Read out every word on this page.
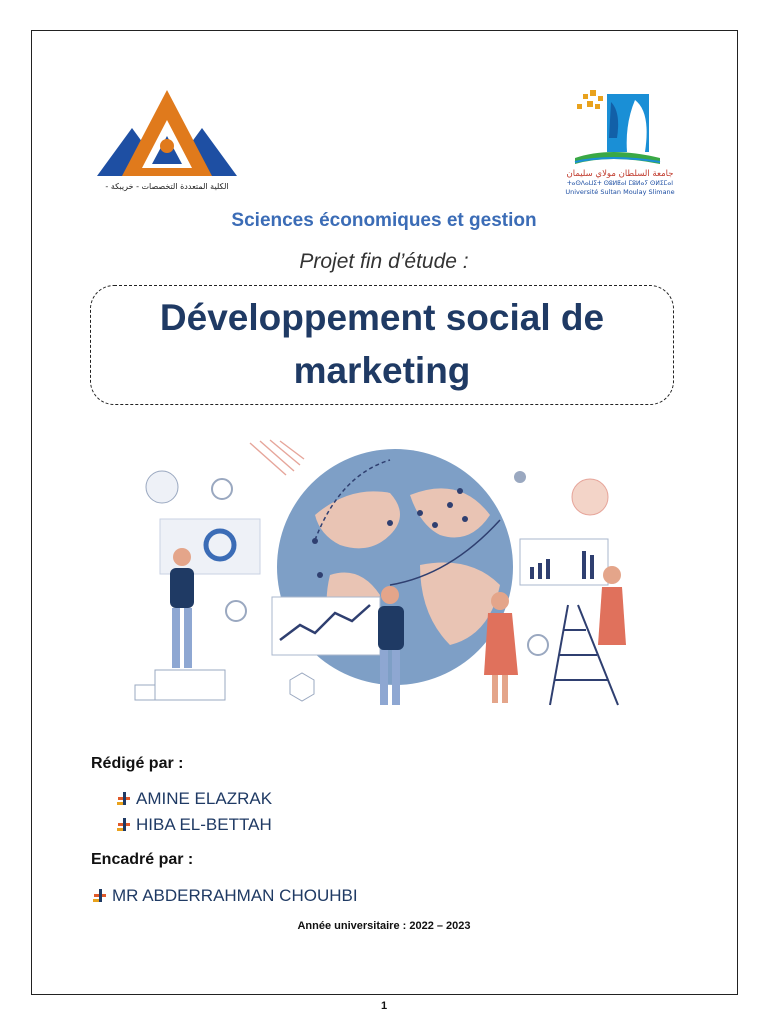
- الكلية المتعددة التخصصات - خريبكة
جامعة السلطان مولاي سليمان
ⵜⴰⵙⴷⴰⵡⵉⵜ ⵙⵓⵍⵟⴰⵏ ⵎⵓⵍⴰⵢ ⵙⵍⵉⵎⴰⵏ
Université Sultan Moulay Slimane
Sciences économiques et gestion
Projet fin d’étude :
Développement social de marketing
Rédigé par :
AMINE ELAZRAK
HIBA EL-BETTAH
Encadré par :
MR ABDERRAHMAN CHOUHBI
Année universitaire : 2022 – 2023
1
